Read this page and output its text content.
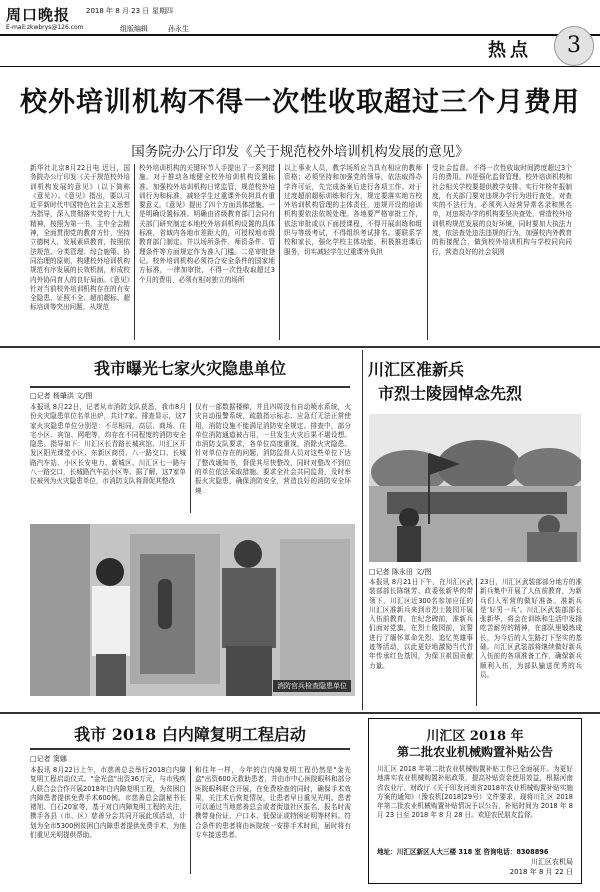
周口晚报 2018 年 8 月 23 日 星期四
E-mail:zkwbrys@126.com	组版编辑	孙永生
热点	3
校外培训机构不得一次性收取超过三个月费用
国务院办公厅印发《关于规范校外培训机构发展的意见》
新华社北京8月22日电 近日，国务院办公厅印发《关于规范校外培训机构发展的意见》（以下简称《意见》）。《意见》指出，要以习近平新时代中国特色社会主义思想为指导，深入贯彻落实党的十九大精神，按照为第一书，主中全会精神，全面贯彻党的教育方针，坚持立德树人，发展素质教育，按照依法规范、分类管理、综合施策、协同治理的原则，构建校外培训机构规范有序发展的长效机制，形成校内外协同育人的良好局面。《意见》针对当前校外培训机构存在的有安全隐患、证照不全、超前超标、超标培训等突出问题，从规范
校外培训机构的关键环节入手提出了一系列措施。对于推动各地健全校外培训机构设置标准。加强校外培训机构日常监管，规范校外培训行为和标准，减轻学生过重课外负担具有重要意义。《意见》提出了四个方面具体措施。一是明确设置标准。明确由省级教育部门会同有关部门研究制定本地校外培训机构设置的具体标准，省域内各地市差距大的，可授权地市级教育部门制定。并以场所条件、师资条件、管理条件等方面规定作为准入门槛。二是审批登记。校外培训机构必须符合安全条件的国家地方标准，一律加审批，不得一次性收取超过3个月的费用，必须有相对独立的场所
以上事业人员，教学场所应当具有相应的教师资格；必须坚持和加强党的领导，依法取得办学许可证，先完成备案后进行各项工作。对于过度超前超标训练和行为，规定要落实地方校外培训机构管理的主体责任，违规开设的培训机构要依法依规处理。各地要严格审批工作，依法审批或以下面授课程，不得开展训练和组织与等级考试，不得组织考试排名。要联系学校和家长，强化学校主体功能，积极推进课后服务，切实减轻学生过重课外负担
受社会监督。不得一次性收取时间跨度超过3个月的费用。四是强化监督管理。校外培训机构和社会相关学校要提供教学安排、实行年检年报制度，有关部门要对违规办学行为进行查处，对查实的不法行为，必须列入经营异常名录和黑名单，对违规办学的机构要坚决查处，营造校外培训机构规范发展的良好环境，同时要加大执法力度，依法查处违法违规的行为，加强校内外教育的衔接配合，做到校外培训机构与学校同向同行，营造良好的社会氛围
我市曝光七家火灾隐患单位
□记者 杨肇洪 文/图
本报讯 8月22日，记者从市消防支队获悉，我市8月份火灾隐患单位名单出炉，共计7家。排查显示，这7家火灾隐患单位分别是：不尽相同，高层、商场、住宅小区、宾馆、网吧等，均存在不同程度的消防安全隐患。指导如下：川汇区长青路长城宾馆、川汇区开发区阳光课堂小区、东新区商贸、八一路交口、长城路汽车站、小区长安电力、新城区、川汇区七一路与八一路交口，长城路汽车站小区等。据了解，这7家单位被列为火灾隐患单位，市消防支队将督促其整改
仅有一部数据楼梯，并且四周没有自动喷水系统，火灾自动报警系统，疏散指示标志、应急灯无法正常使用，消防设施不能满足消防安全规定。排查中，部分单位消防通道被占用，一旦发生火灾后果不堪设想。市消防支队要求，各单位高度重视，消除火灾隐患。针对单位存在的问题，消防监督人员对这些单位下达了整改通知书，督促其尽快整改，同时对整改不到位的单位依法采取措施。要求全社会共同监督，及时举报火灾隐患，确保消防安全，营造良好的消防安全环境
消防官兵检查隐患单位
川汇区准新兵
市烈士陵园悼念先烈
□记者 陈永田 文/图
本报讯 8月21日下午，在川汇区武装部部长陈继芳、政委张新华的带领下，川汇区近300名参加应征的川汇区准新兵来到市烈士陵园开展入伍前教育，在纪念碑前，准新兵们面对党旗，在烈士陵园前，宣誓进行了缅怀革命先烈、追忆英雄事迹等活动，以此更好地激励当代青年传承红色基因，为保卫祖国贡献力量。
23日，川汇区武装部部分地方的准新兵集中开展了人伍前教育，为新兵们入军营的做好准备。准新兵是‘好男一兵’。川汇区武装部部长张新华，将会在训练和生活中发扬吃苦耐劳的精神，在部队里锻炼成长，为今后的人生路打下坚实的基础。川汇区武装部将继续做好新兵入伍前的各项准备工作，确保新兵顺利入伍，为部队输送优秀的兵员。
我市 2018 白内障复明工程启动
□记者 窦娜
本报讯 8月22日上午，市慈善总会举行2018白内障复明工程启动仪式。"金光盒"出资36万元，与市残疾人联合会合作开展2018年白内障复明工程，为贫困白内障患者提供免费手术600例。市慈善总会副秘书长褚旭、白石20家等，基于对白内障复明工程的关注，携手各县（市、区）慈善分会共同开展此项活动，计划为全市5300例贫困白内障患者提供免费手术，为他们重见光明提供帮助。
和往年一样，今年的白内障复明工程仍然是"金光盒"出资600元救助患者，并由市中心医院眼科和部分医院眼科联合开展，在免费检查的同时，确保手术效果，关注术后恢复情况，让患者早日重见光明。患者可以通过当地慈善总会或者街道社区报名，报名时需携带身份证、户口本、低保证或特困证明等材料。符合条件的患者将由医院统一安排手术时间，届时将有专车接送患者。
川汇区 2018 年
第二批农业机械购置补贴公告
川汇区 2018 年第二批农业机械购置补贴工作已全面展开。为更好地落实农业机械购置补贴政策，提高补贴资金使用效益，根据河南省农业厅、财政厅《关于印发河南省2018年农业机械购置补贴实施方案的通知》（豫农机[2018]29号）文件要求，现将川汇区 2018 年第二批农业机械购置补贴情况予以公告，补贴时间为 2018 年 8 月 23 日至 2018 年 8 月 28 日。欢迎农民朋友监督。
地址：川汇区新区人大三楼 318 室 咨询电话：8308896
川汇区农机局
2018 年 8 月 22 日
